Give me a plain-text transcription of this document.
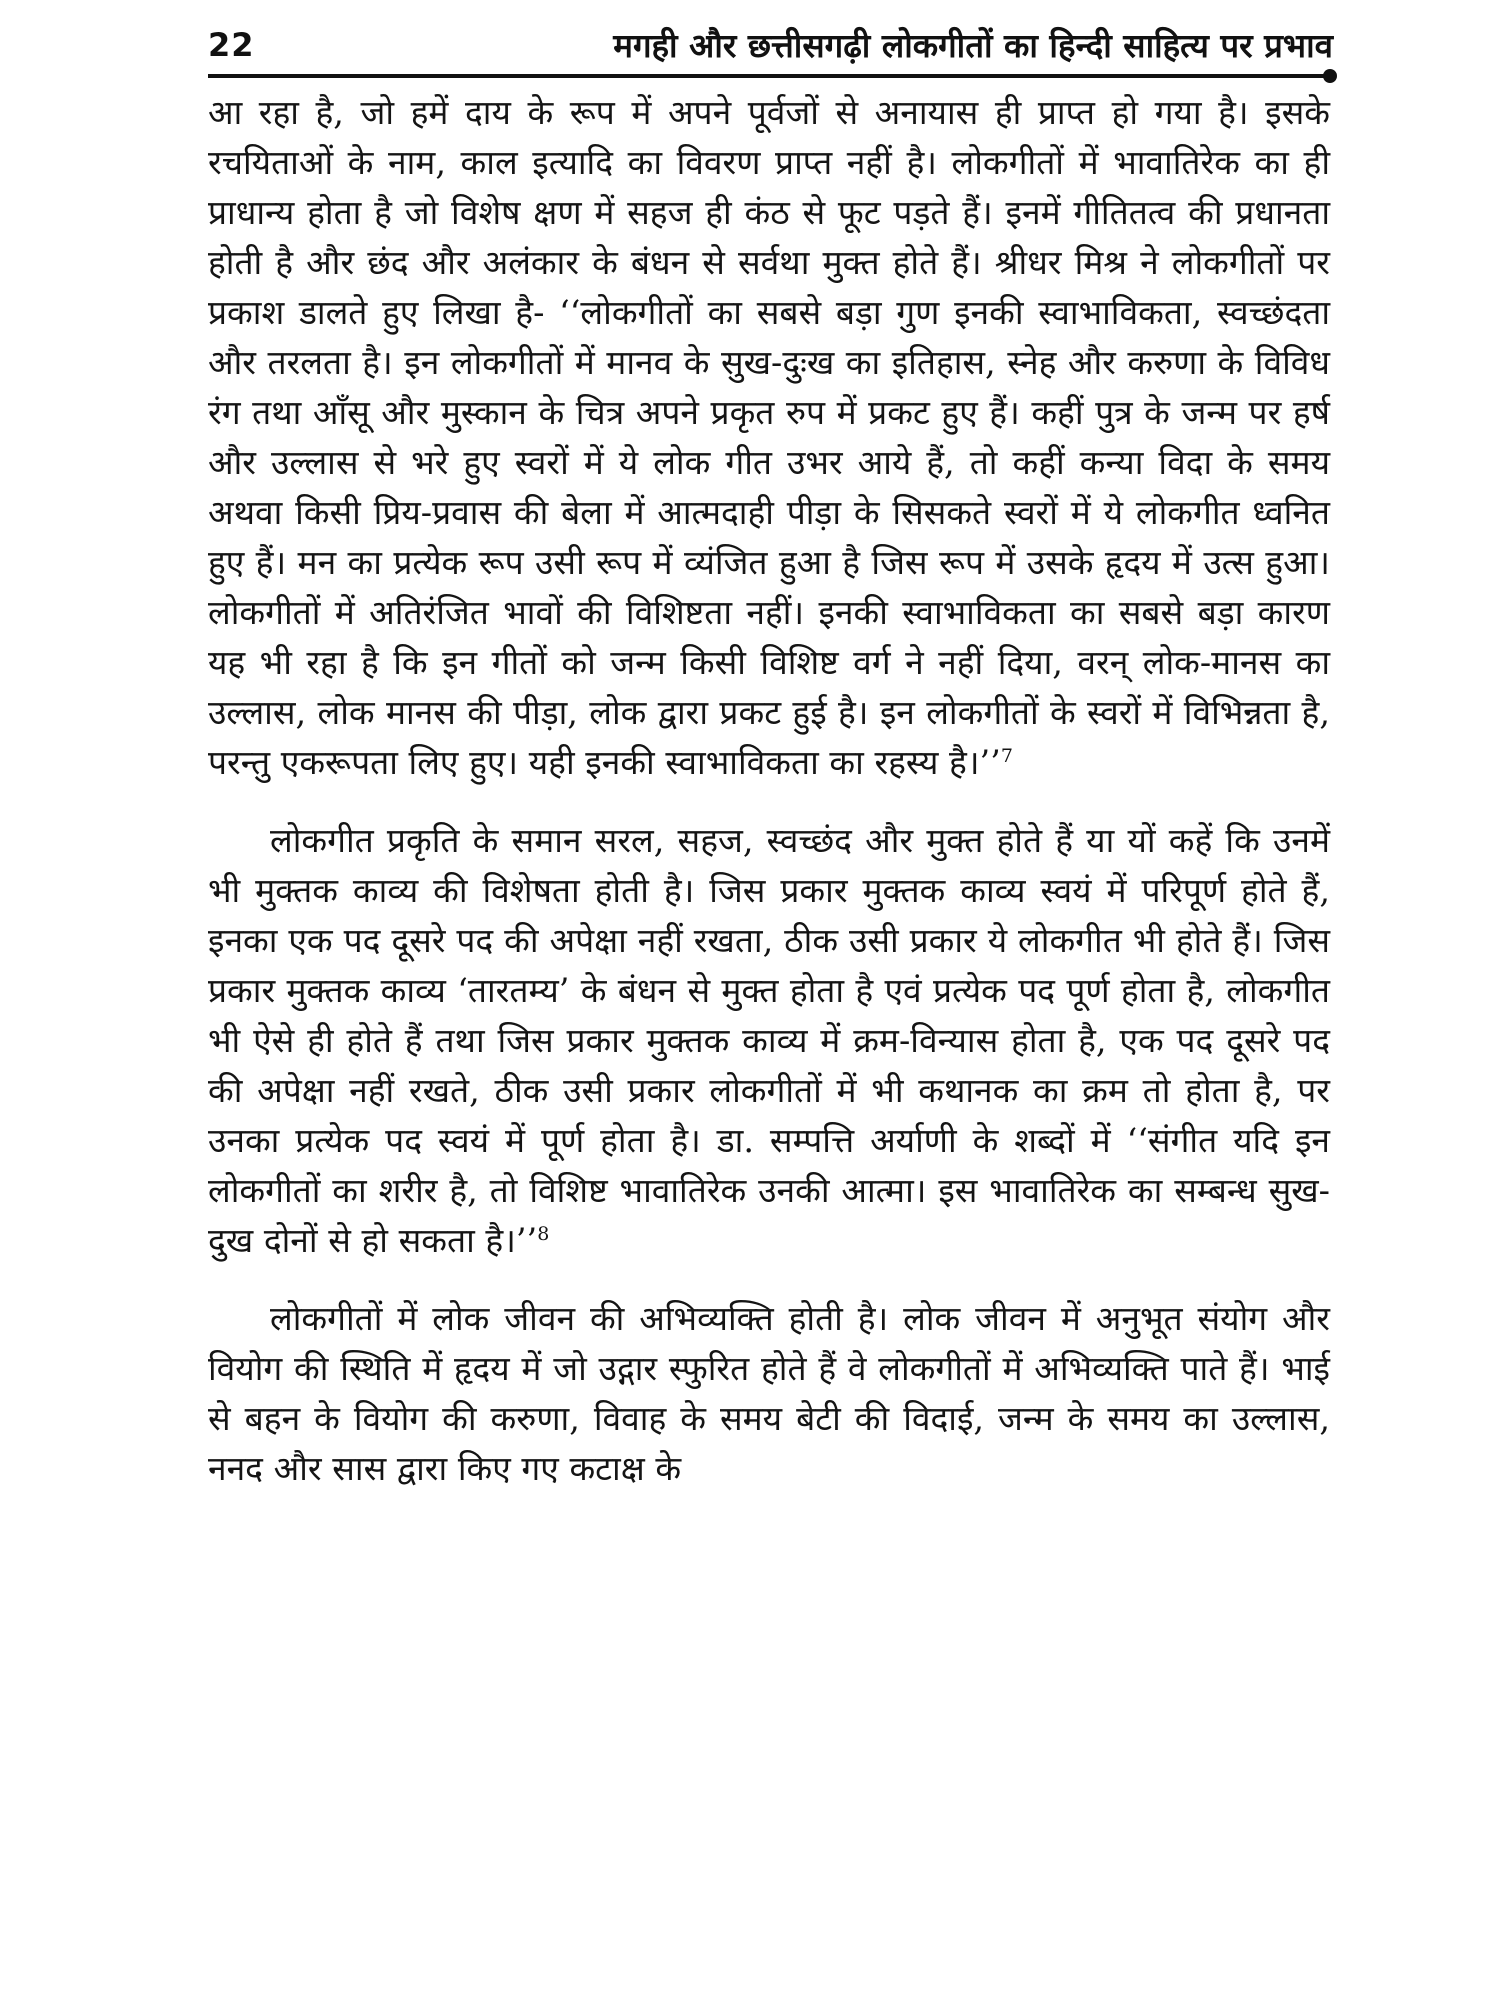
22	मगही और छत्तीसगढ़ी लोकगीतों का हिन्दी साहित्य पर प्रभाव

आ रहा है, जो हमें दाय के रूप में अपने पूर्वजों से अनायास ही प्राप्त हो गया है। इसके रचयिताओं के नाम, काल इत्यादि का विवरण प्राप्त नहीं है। लोकगीतों में भावातिरेक का ही प्राधान्य होता है जो विशेष क्षण में सहज ही कंठ से फूट पड़ते हैं। इनमें गीतितत्व की प्रधानता होती है और छंद और अलंकार के बंधन से सर्वथा मुक्त होते हैं। श्रीधर मिश्र ने लोकगीतों पर प्रकाश डालते हुए लिखा है- ‘‘लोकगीतों का सबसे बड़ा गुण इनकी स्वाभाविकता, स्वच्छंदता और तरलता है। इन लोकगीतों में मानव के सुख-दुःख का इतिहास, स्नेह और करुणा के विविध रंग तथा आँसू और मुस्कान के चित्र अपने प्रकृत रुप में प्रकट हुए हैं। कहीं पुत्र के जन्म पर हर्ष और उल्लास से भरे हुए स्वरों में ये लोक गीत उभर आये हैं, तो कहीं कन्या विदा के समय अथवा किसी प्रिय-प्रवास की बेला में आत्मदाही पीड़ा के सिसकते स्वरों में ये लोकगीत ध्वनित हुए हैं। मन का प्रत्येक रूप उसी रूप में व्यंजित हुआ है जिस रूप में उसके हृदय में उत्स हुआ। लोकगीतों में अतिरंजित भावों की विशिष्टता नहीं। इनकी स्वाभाविकता का सबसे बड़ा कारण यह भी रहा है कि इन गीतों को जन्म किसी विशिष्ट वर्ग ने नहीं दिया, वरन् लोक-मानस का उल्लास, लोक मानस की पीड़ा, लोक द्वारा प्रकट हुई है। इन लोकगीतों के स्वरों में विभिन्नता है, परन्तु एकरूपता लिए हुए। यही इनकी स्वाभाविकता का रहस्य है।’’$^7$

लोकगीत प्रकृति के समान सरल, सहज, स्वच्छंद और मुक्त होते हैं या यों कहें कि उनमें भी मुक्तक काव्य की विशेषता होती है। जिस प्रकार मुक्तक काव्य स्वयं में परिपूर्ण होते हैं, इनका एक पद दूसरे पद की अपेक्षा नहीं रखता, ठीक उसी प्रकार ये लोकगीत भी होते हैं। जिस प्रकार मुक्तक काव्य ‘तारतम्य’ के बंधन से मुक्त होता है एवं प्रत्येक पद पूर्ण होता है, लोकगीत भी ऐसे ही होते हैं तथा जिस प्रकार मुक्तक काव्य में क्रम-विन्यास होता है, एक पद दूसरे पद की अपेक्षा नहीं रखते, ठीक उसी प्रकार लोकगीतों में भी कथानक का क्रम तो होता है, पर उनका प्रत्येक पद स्वयं में पूर्ण होता है। डा. सम्पत्ति अर्याणी के शब्दों में ‘‘संगीत यदि इन लोकगीतों का शरीर है, तो विशिष्ट भावातिरेक उनकी आत्मा। इस भावातिरेक का सम्बन्ध सुख-दुख दोनों से हो सकता है।’’$^8$

लोकगीतों में लोक जीवन की अभिव्यक्ति होती है। लोक जीवन में अनुभूत संयोग और वियोग की स्थिति में हृदय में जो उद्गार स्फुरित होते हैं वे लोकगीतों में अभिव्यक्ति पाते हैं। भाई से बहन के वियोग की करुणा, विवाह के समय बेटी की विदाई, जन्म के समय का उल्लास, ननद और सास द्वारा किए गए कटाक्ष के
